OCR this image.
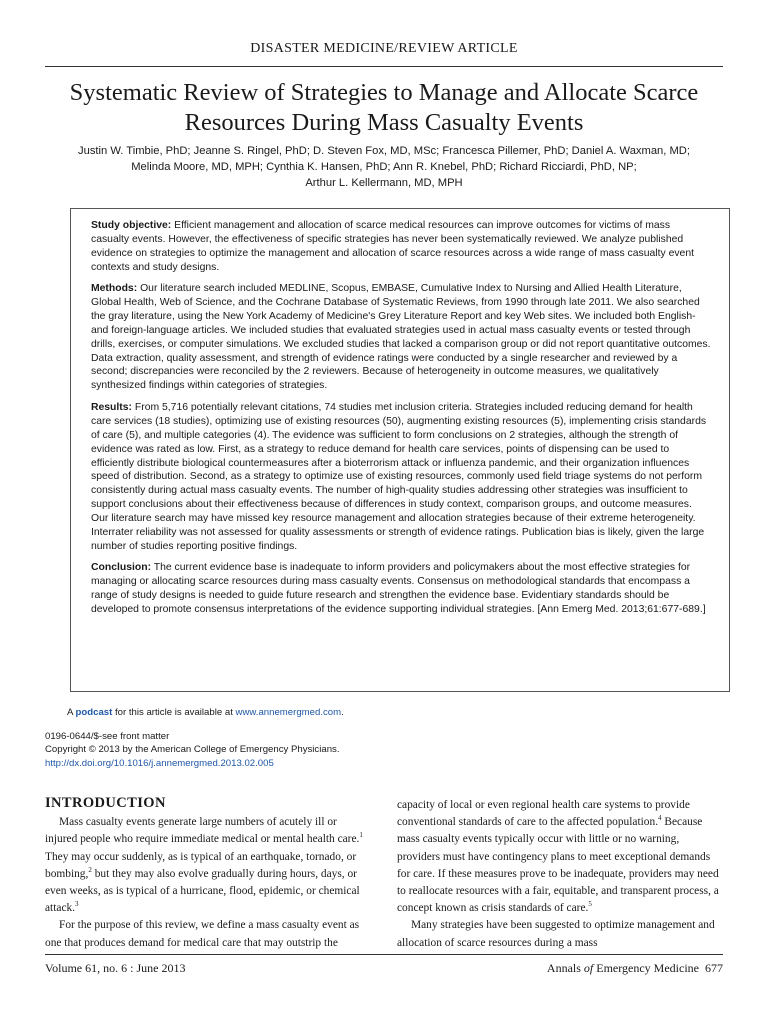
DISASTER MEDICINE/REVIEW ARTICLE
Systematic Review of Strategies to Manage and Allocate Scarce Resources During Mass Casualty Events
Justin W. Timbie, PhD; Jeanne S. Ringel, PhD; D. Steven Fox, MD, MSc; Francesca Pillemer, PhD; Daniel A. Waxman, MD;
Melinda Moore, MD, MPH; Cynthia K. Hansen, PhD; Ann R. Knebel, PhD; Richard Ricciardi, PhD, NP;
Arthur L. Kellermann, MD, MPH

Study objective: Efficient management and allocation of scarce medical resources can improve outcomes for victims of mass casualty events. However, the effectiveness of specific strategies has never been systematically reviewed. We analyze published evidence on strategies to optimize the management and allocation of scarce resources across a wide range of mass casualty event contexts and study designs.

Methods: Our literature search included MEDLINE, Scopus, EMBASE, Cumulative Index to Nursing and Allied Health Literature, Global Health, Web of Science, and the Cochrane Database of Systematic Reviews, from 1990 through late 2011. We also searched the gray literature, using the New York Academy of Medicine's Grey Literature Report and key Web sites. We included both English- and foreign-language articles. We included studies that evaluated strategies used in actual mass casualty events or tested through drills, exercises, or computer simulations. We excluded studies that lacked a comparison group or did not report quantitative outcomes. Data extraction, quality assessment, and strength of evidence ratings were conducted by a single researcher and reviewed by a second; discrepancies were reconciled by the 2 reviewers. Because of heterogeneity in outcome measures, we qualitatively synthesized findings within categories of strategies.

Results: From 5,716 potentially relevant citations, 74 studies met inclusion criteria. Strategies included reducing demand for health care services (18 studies), optimizing use of existing resources (50), augmenting existing resources (5), implementing crisis standards of care (5), and multiple categories (4). The evidence was sufficient to form conclusions on 2 strategies, although the strength of evidence was rated as low. First, as a strategy to reduce demand for health care services, points of dispensing can be used to efficiently distribute biological countermeasures after a bioterrorism attack or influenza pandemic, and their organization influences speed of distribution. Second, as a strategy to optimize use of existing resources, commonly used field triage systems do not perform consistently during actual mass casualty events. The number of high-quality studies addressing other strategies was insufficient to support conclusions about their effectiveness because of differences in study context, comparison groups, and outcome measures. Our literature search may have missed key resource management and allocation strategies because of their extreme heterogeneity. Interrater reliability was not assessed for quality assessments or strength of evidence ratings. Publication bias is likely, given the large number of studies reporting positive findings.

Conclusion: The current evidence base is inadequate to inform providers and policymakers about the most effective strategies for managing or allocating scarce resources during mass casualty events. Consensus on methodological standards that encompass a range of study designs is needed to guide future research and strengthen the evidence base. Evidentiary standards should be developed to promote consensus interpretations of the evidence supporting individual strategies. [Ann Emerg Med. 2013;61:677-689.]

A podcast for this article is available at www.annemergmed.com.
0196-0644/$-see front matter
Copyright © 2013 by the American College of Emergency Physicians.
http://dx.doi.org/10.1016/j.annemergmed.2013.02.005
INTRODUCTION

Mass casualty events generate large numbers of acutely ill or injured people who require immediate medical or mental health care.$^1$ They may occur suddenly, as is typical of an earthquake, tornado, or bombing,$^2$ but they may also evolve gradually during hours, days, or even weeks, as is typical of a hurricane, flood, epidemic, or chemical attack.$^3$

For the purpose of this review, we define a mass casualty event as one that produces demand for medical care that may outstrip the

capacity of local or even regional health care systems to provide conventional standards of care to the affected population.$^4$ Because mass casualty events typically occur with little or no warning, providers must have contingency plans to meet exceptional demands for care. If these measures prove to be inadequate, providers may need to reallocate resources with a fair, equitable, and transparent process, a concept known as crisis standards of care.$^5$

Many strategies have been suggested to optimize management and allocation of scarce resources during a mass

Volume 61, no. 6 : June 2013	Annals of Emergency Medicine 677
